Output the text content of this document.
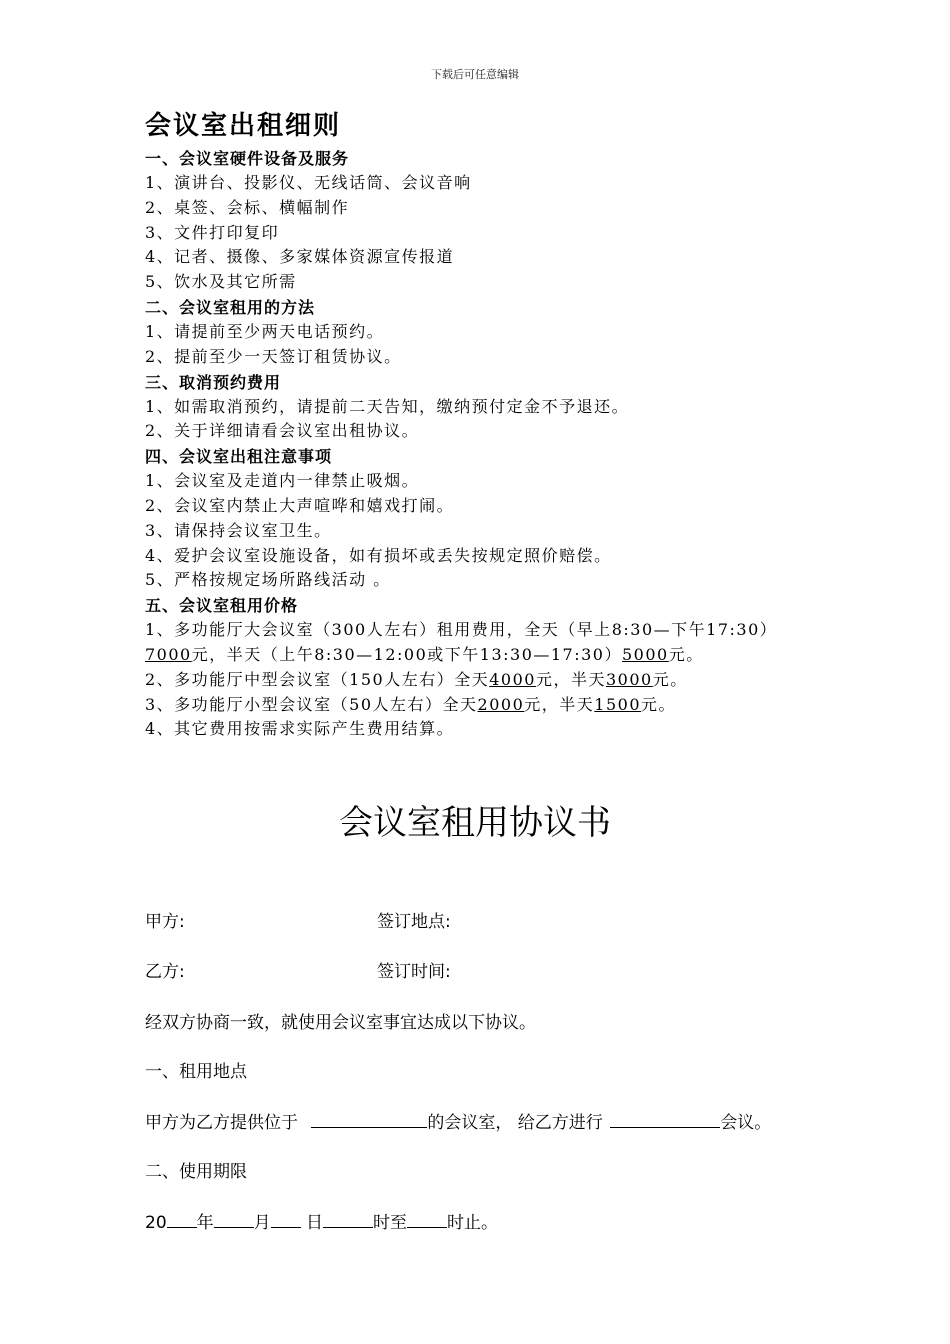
下载后可任意编辑
会议室出租细则
一、会议室硬件设备及服务
1、演讲台、投影仪、无线话筒、会议音响
2、桌签、会标、横幅制作
3、文件打印复印
4、记者、摄像、多家媒体资源宣传报道
5、饮水及其它所需
二、会议室租用的方法
1、请提前至少两天电话预约。
2、提前至少一天签订租赁协议。
三、取消预约费用
1、如需取消预约，请提前二天告知，缴纳预付定金不予退还。
2、关于详细请看会议室出租协议。
四、会议室出租注意事项
1、会议室及走道内一律禁止吸烟。
2、会议室内禁止大声喧哗和嬉戏打闹。
3、请保持会议室卫生。
4、爱护会议室设施设备，如有损坏或丢失按规定照价赔偿。
5、严格按规定场所路线活动 。
五、会议室租用价格
1、多功能厅大会议室（300人左右）租用费用，全天（早上8:30—下午17:30） 7000元，半天（上午8:30—12:00或下午13:30—17:30）5000元。
2、多功能厅中型会议室（150人左右）全天4000元，半天3000元。
3、多功能厅小型会议室（50人左右）全天2000元，半天1500元。
4、其它费用按需求实际产生费用结算。
会议室租用协议书
甲方:	签订地点:
乙方:	签订时间:
经双方协商一致，就使用会议室事宜达成以下协议。
一、租用地点
甲方为乙方提供位于	的会议室， 给乙方进行	会议。
二、使用期限
20 年 月 日	时至 时止。
